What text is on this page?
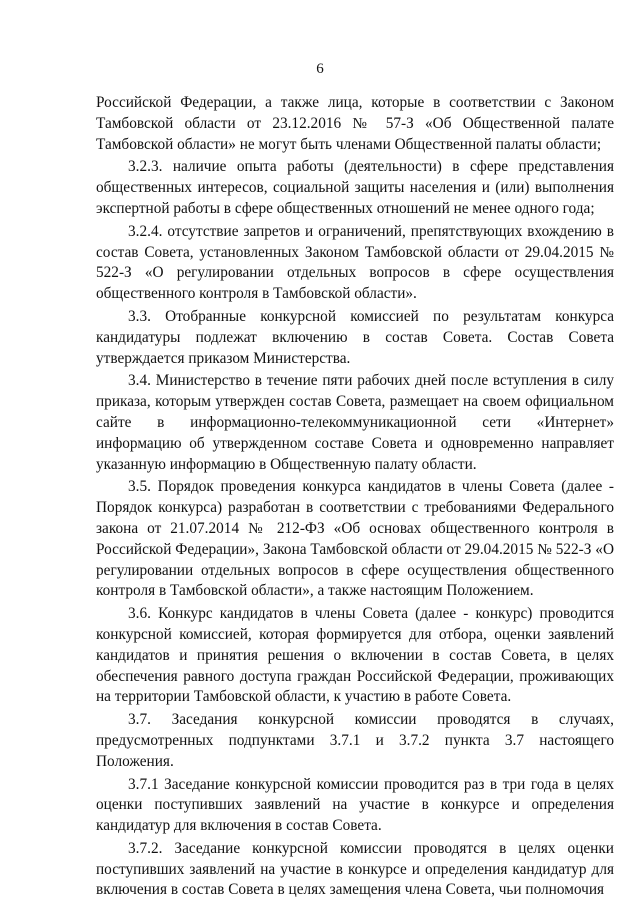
6

Российской Федерации, а также лица, которые в соответствии с Законом Тамбовской области от 23.12.2016 № 57-З «Об Общественной палате Тамбовской области» не могут быть членами Общественной палаты области;

3.2.3. наличие опыта работы (деятельности) в сфере представления общественных интересов, социальной защиты населения и (или) выполнения экспертной работы в сфере общественных отношений не менее одного года;

3.2.4. отсутствие запретов и ограничений, препятствующих вхождению в состав Совета, установленных Законом Тамбовской области от 29.04.2015 № 522-З «О регулировании отдельных вопросов в сфере осуществления общественного контроля в Тамбовской области».

3.3. Отобранные конкурсной комиссией по результатам конкурса кандидатуры подлежат включению в состав Совета. Состав Совета утверждается приказом Министерства.

3.4. Министерство в течение пяти рабочих дней после вступления в силу приказа, которым утвержден состав Совета, размещает на своем официальном сайте в информационно-телекоммуникационной сети «Интернет» информацию об утвержденном составе Совета и одновременно направляет указанную информацию в Общественную палату области.

3.5. Порядок проведения конкурса кандидатов в члены Совета (далее - Порядок конкурса) разработан в соответствии с требованиями Федерального закона от 21.07.2014 № 212-ФЗ «Об основах общественного контроля в Российской Федерации», Закона Тамбовской области от 29.04.2015 № 522-З «О регулировании отдельных вопросов в сфере осуществления общественного контроля в Тамбовской области», а также настоящим Положением.

3.6. Конкурс кандидатов в члены Совета (далее - конкурс) проводится конкурсной комиссией, которая формируется для отбора, оценки заявлений кандидатов и принятия решения о включении в состав Совета, в целях обеспечения равного доступа граждан Российской Федерации, проживающих на территории Тамбовской области, к участию в работе Совета.

3.7. Заседания конкурсной комиссии проводятся в случаях, предусмотренных подпунктами 3.7.1 и 3.7.2 пункта 3.7 настоящего Положения.

3.7.1 Заседание конкурсной комиссии проводится раз в три года в целях оценки поступивших заявлений на участие в конкурсе и определения кандидатур для включения в состав Совета.

3.7.2. Заседание конкурсной комиссии проводятся в целях оценки поступивших заявлений на участие в конкурсе и определения кандидатур для включения в состав Совета в целях замещения члена Совета, чьи полномочия
